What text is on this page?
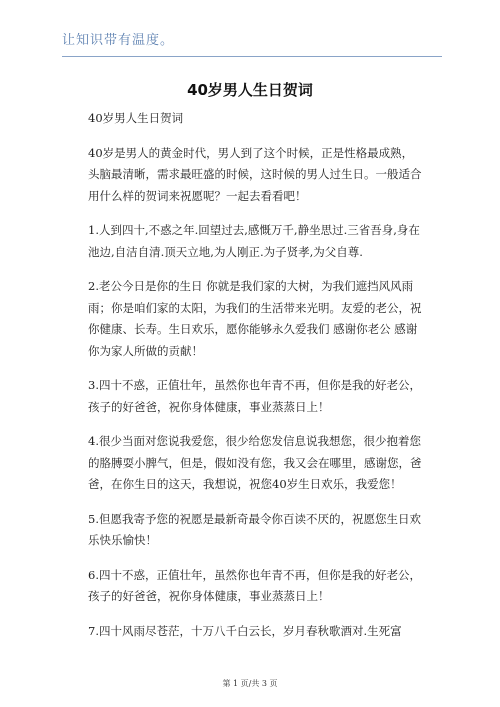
让知识带有温度。
40岁男人生日贺词

40岁男人生日贺词

40岁是男人的黄金时代，男人到了这个时候，正是性格最成熟，头脑最清晰，需求最旺盛的时候，这时候的男人过生日。一般适合用什么样的贺词来祝愿呢？一起去看看吧！

1.人到四十,不惑之年.回望过去,感慨万千,静坐思过.三省吾身,身在池边,自洁自清.顶天立地,为人刚正.为子贤孝,为父自尊.

2.老公今日是你的生日 你就是我们家的大树，为我们遮挡风风雨雨；你是咱们家的太阳，为我们的生活带来光明。友爱的老公，祝你健康、长寿。生日欢乐，愿你能够永久爱我们 感谢你老公 感谢你为家人所做的贡献！

3.四十不惑，正值壮年，虽然你也年青不再，但你是我的好老公，孩子的好爸爸，祝你身体健康，事业蒸蒸日上！

4.很少当面对您说我爱您，很少给您发信息说我想您，很少抱着您的胳膊耍小脾气，但是，假如没有您，我又会在哪里，感谢您，爸爸，在你生日的这天，我想说，祝您40岁生日欢乐，我爱您！

5.但愿我寄予您的祝愿是最新奇最令你百读不厌的，祝愿您生日欢乐快乐愉快！

6.四十不惑，正值壮年，虽然你也年青不再，但你是我的好老公，孩子的好爸爸，祝你身体健康，事业蒸蒸日上！

7.四十风雨尽苍茫，十万八千白云长，岁月春秋歌酒对.生死富

第 1 页/共 3 页
